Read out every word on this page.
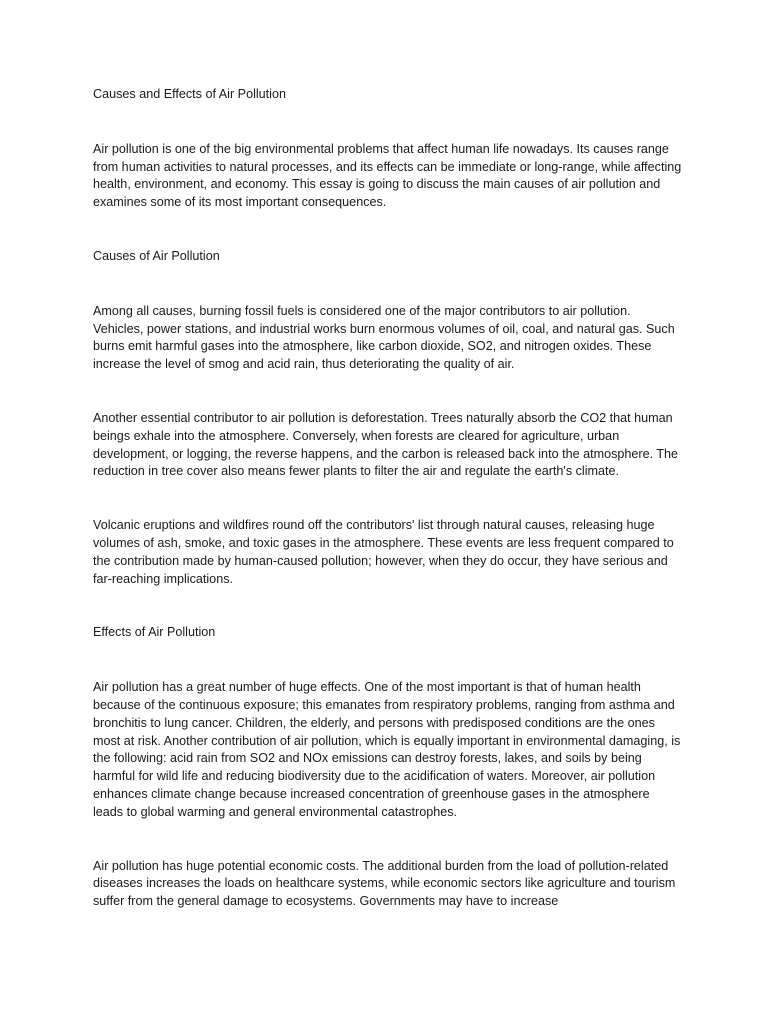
Causes and Effects of Air Pollution

Air pollution is one of the big environmental problems that affect human life nowadays. Its causes range from human activities to natural processes, and its effects can be immediate or long-range, while affecting health, environment, and economy. This essay is going to discuss the main causes of air pollution and examines some of its most important consequences.

Causes of Air Pollution

Among all causes, burning fossil fuels is considered one of the major contributors to air pollution. Vehicles, power stations, and industrial works burn enormous volumes of oil, coal, and natural gas. Such burns emit harmful gases into the atmosphere, like carbon dioxide, SO2, and nitrogen oxides. These increase the level of smog and acid rain, thus deteriorating the quality of air.

Another essential contributor to air pollution is deforestation. Trees naturally absorb the CO2 that human beings exhale into the atmosphere. Conversely, when forests are cleared for agriculture, urban development, or logging, the reverse happens, and the carbon is released back into the atmosphere. The reduction in tree cover also means fewer plants to filter the air and regulate the earth's climate.

Volcanic eruptions and wildfires round off the contributors' list through natural causes, releasing huge volumes of ash, smoke, and toxic gases in the atmosphere. These events are less frequent compared to the contribution made by human-caused pollution; however, when they do occur, they have serious and far-reaching implications.

Effects of Air Pollution

Air pollution has a great number of huge effects. One of the most important is that of human health because of the continuous exposure; this emanates from respiratory problems, ranging from asthma and bronchitis to lung cancer. Children, the elderly, and persons with predisposed conditions are the ones most at risk. Another contribution of air pollution, which is equally important in environmental damaging, is the following: acid rain from SO2 and NOx emissions can destroy forests, lakes, and soils by being harmful for wild life and reducing biodiversity due to the acidification of waters. Moreover, air pollution enhances climate change because increased concentration of greenhouse gases in the atmosphere leads to global warming and general environmental catastrophes.

Air pollution has huge potential economic costs. The additional burden from the load of pollution-related diseases increases the loads on healthcare systems, while economic sectors like agriculture and tourism suffer from the general damage to ecosystems. Governments may have to increase
